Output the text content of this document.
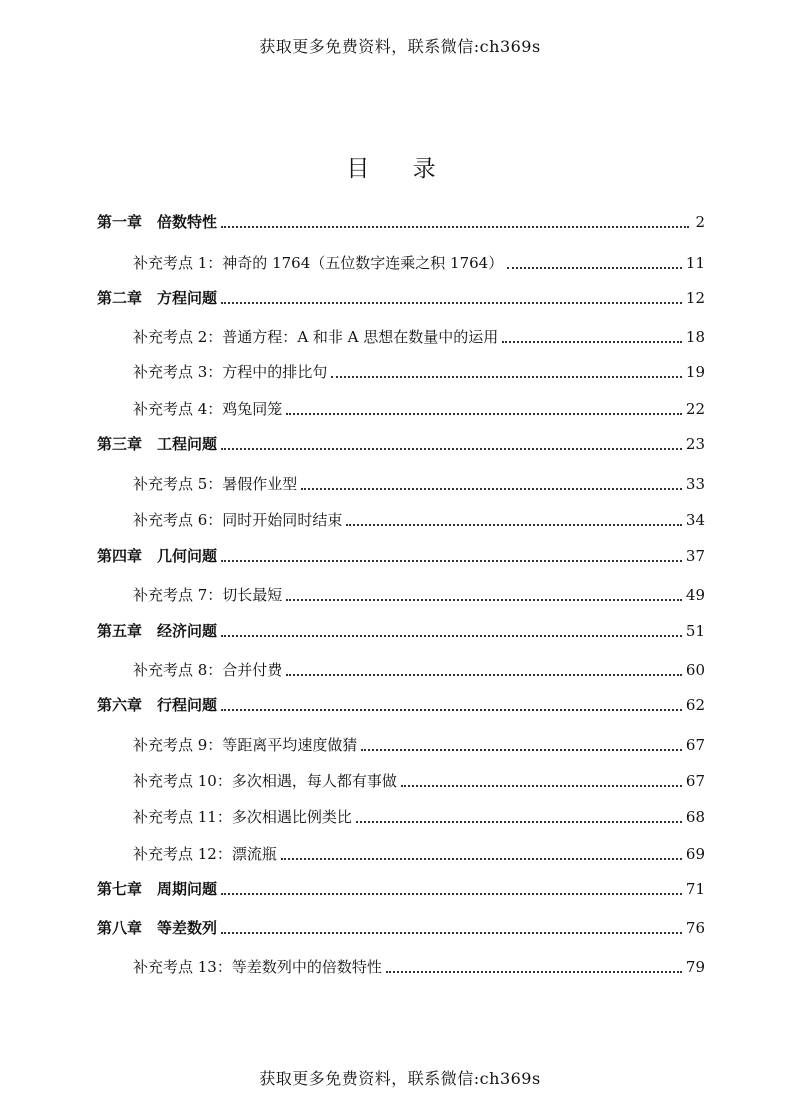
获取更多免费资料，联系微信:ch369s
目 录
第一章　倍数特性	2
补充考点 1：神奇的 1764（五位数字连乘之积 1764）	11
第二章　方程问题	12
补充考点 2：普通方程：A 和非 A 思想在数量中的运用	18
补充考点 3：方程中的排比句	19
补充考点 4：鸡兔同笼	22
第三章　工程问题	23
补充考点 5：暑假作业型	33
补充考点 6：同时开始同时结束	34
第四章　几何问题	37
补充考点 7：切长最短	49
第五章　经济问题	51
补充考点 8：合并付费	60
第六章　行程问题	62
补充考点 9：等距离平均速度做猜	67
补充考点 10：多次相遇，每人都有事做	67
补充考点 11：多次相遇比例类比	68
补充考点 12：漂流瓶	69
第七章　周期问题	71
第八章　等差数列	76
补充考点 13：等差数列中的倍数特性	79
获取更多免费资料，联系微信:ch369s
